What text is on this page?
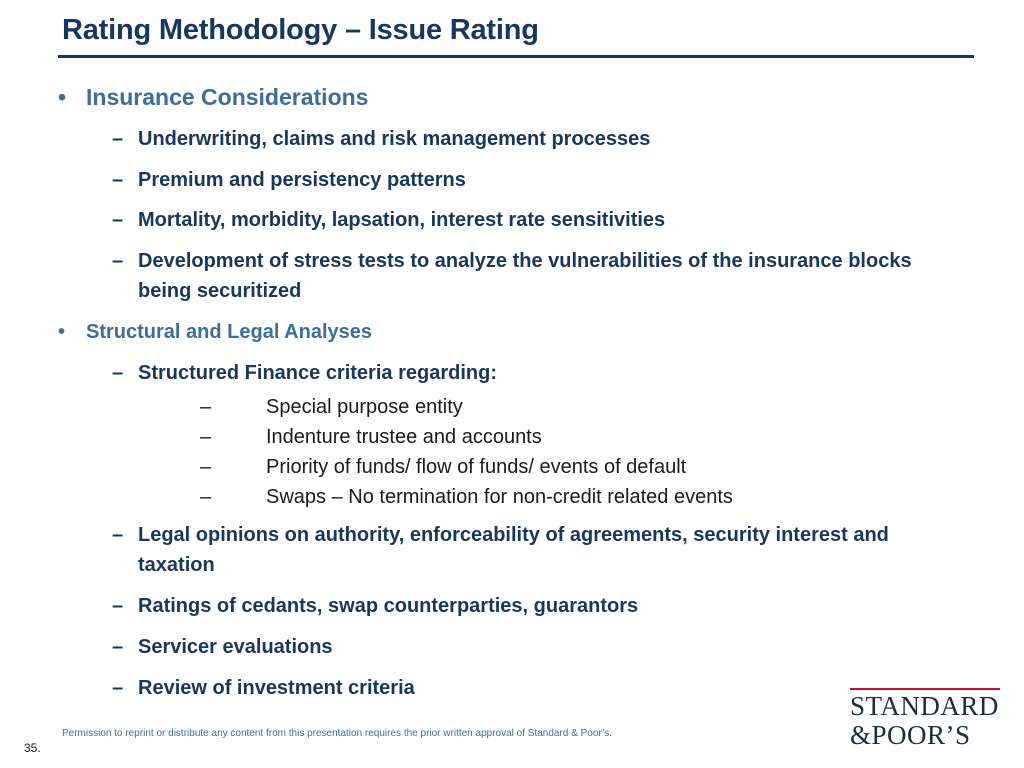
Rating Methodology – Issue Rating
• Insurance Considerations
– Underwriting, claims and risk management processes
– Premium and persistency patterns
– Mortality, morbidity, lapsation, interest rate sensitivities
– Development of stress tests to analyze the vulnerabilities of the insurance blocks being securitized
• Structural and Legal Analyses
– Structured Finance criteria regarding:
–	Special purpose entity
–	Indenture trustee and accounts
–	Priority of funds/ flow of funds/ events of default
–	Swaps – No termination for non-credit related events
– Legal opinions on authority, enforceability of agreements, security interest and taxation
– Ratings of cedants, swap counterparties, guarantors
– Servicer evaluations
– Review of investment criteria
Permission to reprint or distribute any content from this presentation requires the prior written approval of Standard & Poor’s.
35.
STANDARD
&POOR’S
